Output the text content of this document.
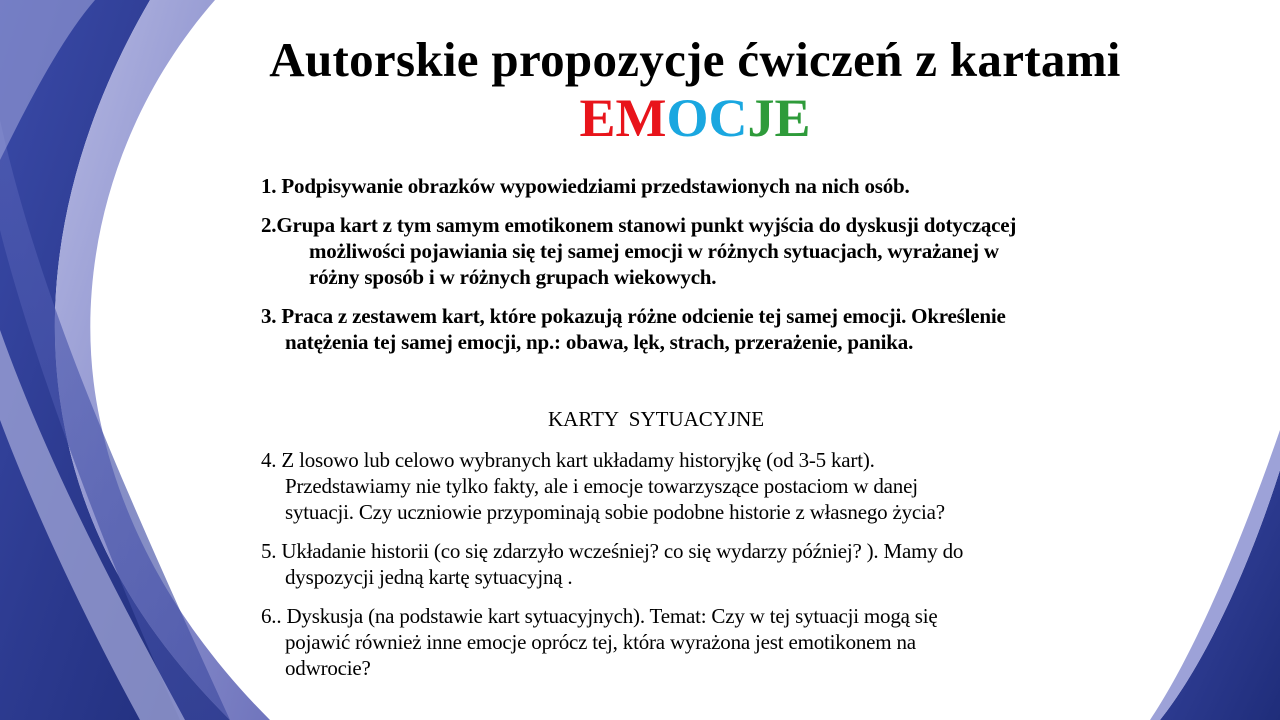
Autorskie propozycje ćwiczeń z kartami
EMOCJE

1. Podpisywanie obrazków wypowiedziami przedstawionych na nich osób.

2.Grupa kart z tym samym emotikonem stanowi punkt wyjścia do dyskusji dotyczącej

możliwości pojawiania się tej samej emocji w różnych sytuacjach, wyrażanej w

różny sposób i w różnych grupach wiekowych.

3. Praca z zestawem kart, które pokazują różne odcienie tej samej emocji. Określenie

natężenia tej samej emocji, np.: obawa, lęk, strach, przerażenie, panika.

4. Z losowo lub celowo wybranych kart układamy historyjkę (od 3-5 kart).

Przedstawiamy nie tylko fakty, ale i emocje towarzyszące postaciom w danej

sytuacji. Czy uczniowie przypominają sobie podobne historie z własnego życia?

5. Układanie historii (co się zdarzyło wcześniej? co się wydarzy później? ). Mamy do

dyspozycji jedną kartę sytuacyjną .

6.. Dyskusja (na podstawie kart sytuacyjnych). Temat: Czy w tej sytuacji mogą się

pojawić również inne emocje oprócz tej, która wyrażona jest emotikonem na

odwrocie?

KARTY  SYTUACYJNE
